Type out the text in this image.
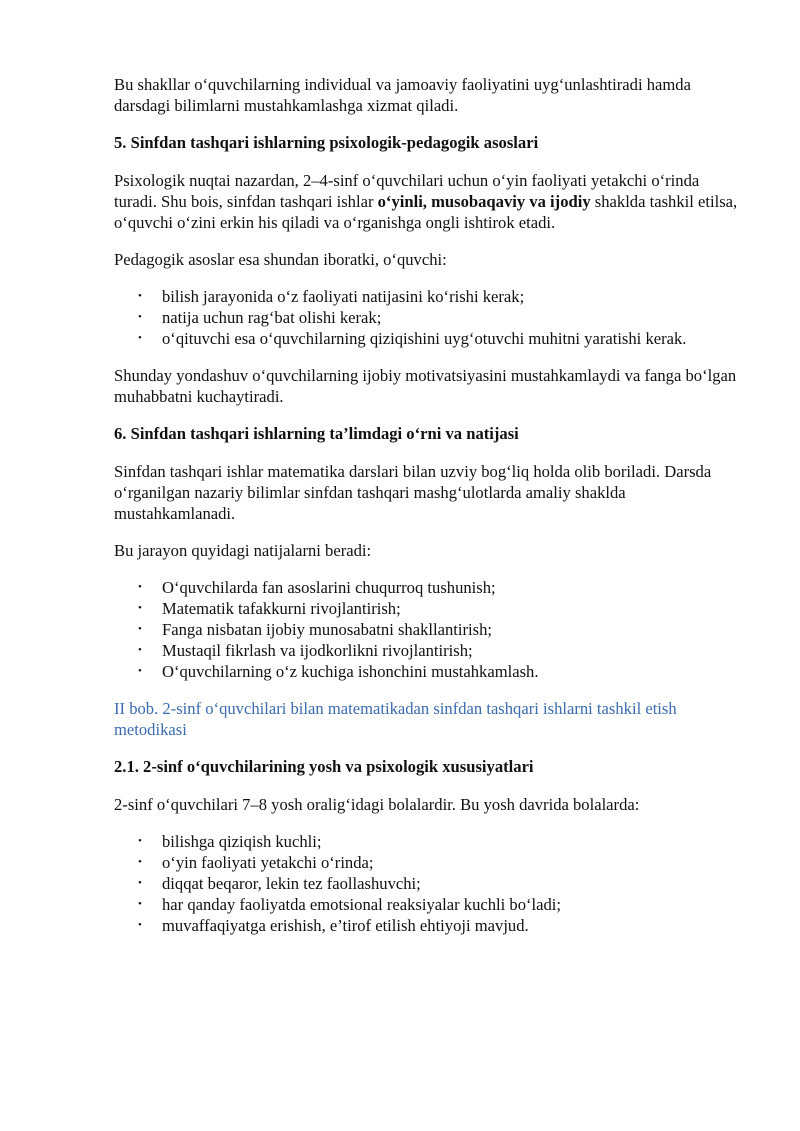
Bu shakllar o‘quvchilarning individual va jamoaviy faoliyatini uyg‘unlashtiradi hamda darsdagi bilimlarni mustahkamlashga xizmat qiladi.

5. Sinfdan tashqari ishlarning psixologik-pedagogik asoslari

Psixologik nuqtai nazardan, 2–4-sinf o‘quvchilari uchun o‘yin faoliyati yetakchi o‘rinda turadi. Shu bois, sinfdan tashqari ishlar o‘yinli, musobaqaviy va ijodiy shaklda tashkil etilsa, o‘quvchi o‘zini erkin his qiladi va o‘rganishga ongli ishtirok etadi.

Pedagogik asoslar esa shundan iboratki, o‘quvchi:

• bilish jarayonida o‘z faoliyati natijasini ko‘rishi kerak;
• natija uchun rag‘bat olishi kerak;
• o‘qituvchi esa o‘quvchilarning qiziqishini uyg‘otuvchi muhitni yaratishi kerak.

Shunday yondashuv o‘quvchilarning ijobiy motivatsiyasini mustahkamlaydi va fanga bo‘lgan muhabbatni kuchaytiradi.

6. Sinfdan tashqari ishlarning ta’limdagi o‘rni va natijasi

Sinfdan tashqari ishlar matematika darslari bilan uzviy bog‘liq holda olib boriladi. Darsda o‘rganilgan nazariy bilimlar sinfdan tashqari mashg‘ulotlarda amaliy shaklda mustahkamlanadi.

Bu jarayon quyidagi natijalarni beradi:

• O‘quvchilarda fan asoslarini chuqurroq tushunish;
• Matematik tafakkurni rivojlantirish;
• Fanga nisbatan ijobiy munosabatni shakllantirish;
• Mustaqil fikrlash va ijodkorlikni rivojlantirish;
• O‘quvchilarning o‘z kuchiga ishonchini mustahkamlash.

II bob. 2-sinf o‘quvchilari bilan matematikadan sinfdan tashqari ishlarni tashkil etish metodikasi

2.1. 2-sinf o‘quvchilarining yosh va psixologik xususiyatlari

2-sinf o‘quvchilari 7–8 yosh oralig‘idagi bolalardir. Bu yosh davrida bolalarda:

• bilishga qiziqish kuchli;
• o‘yin faoliyati yetakchi o‘rinda;
• diqqat beqaror, lekin tez faollashuvchi;
• har qanday faoliyatda emotsional reaksiyalar kuchli bo‘ladi;
• muvaffaqiyatga erishish, e’tirof etilish ehtiyoji mavjud.
